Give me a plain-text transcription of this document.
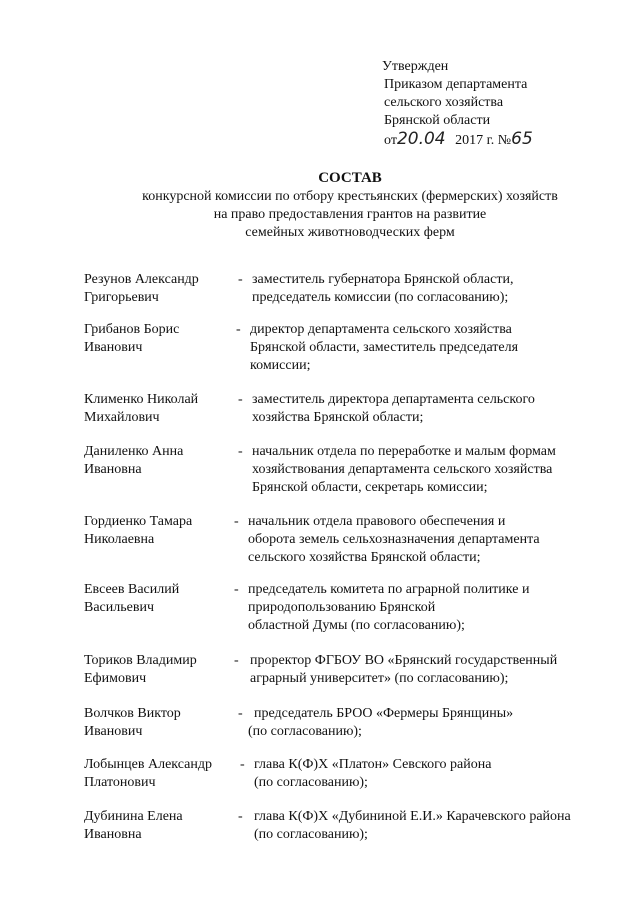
Утвержден
Приказом департамента
сельского хозяйства
Брянской области
от20.04 2017 г. №65
СОСТАВ
конкурсной комиссии по отбору крестьянских (фермерских) хозяйств
на право предоставления грантов на развитие
семейных животноводческих ферм
Резунов Александр
Григорьевич
- заместитель губернатора Брянской области,
председатель комиссии (по согласованию);
Грибанов Борис
Иванович
- директор департамента сельского хозяйства
Брянской области, заместитель председателя
комиссии;
Клименко Николай
Михайлович
- заместитель директора департамента сельского
хозяйства Брянской области;
Даниленко Анна
Ивановна
- начальник отдела по переработке и малым формам
хозяйствования департамента сельского хозяйства
Брянской области, секретарь комиссии;
Гордиенко Тамара
Николаевна
- начальник отдела правового обеспечения и
оборота земель сельхозназначения департамента
сельского хозяйства Брянской области;
Евсеев Василий
Васильевич
- председатель комитета по аграрной политике и
природопользованию Брянской
областной Думы (по согласованию);
Ториков Владимир
Ефимович
- проректор ФГБОУ ВО «Брянский государственный
аграрный университет» (по согласованию);
Волчков Виктор
Иванович
- председатель БРОО «Фермеры Брянщины»
(по согласованию);
Лобынцев Александр
Платонович
- глава К(Ф)Х «Платон» Севского района
(по согласованию);
Дубинина Елена
Ивановна
- глава К(Ф)Х «Дубининой Е.И.» Карачевского района
(по согласованию);
